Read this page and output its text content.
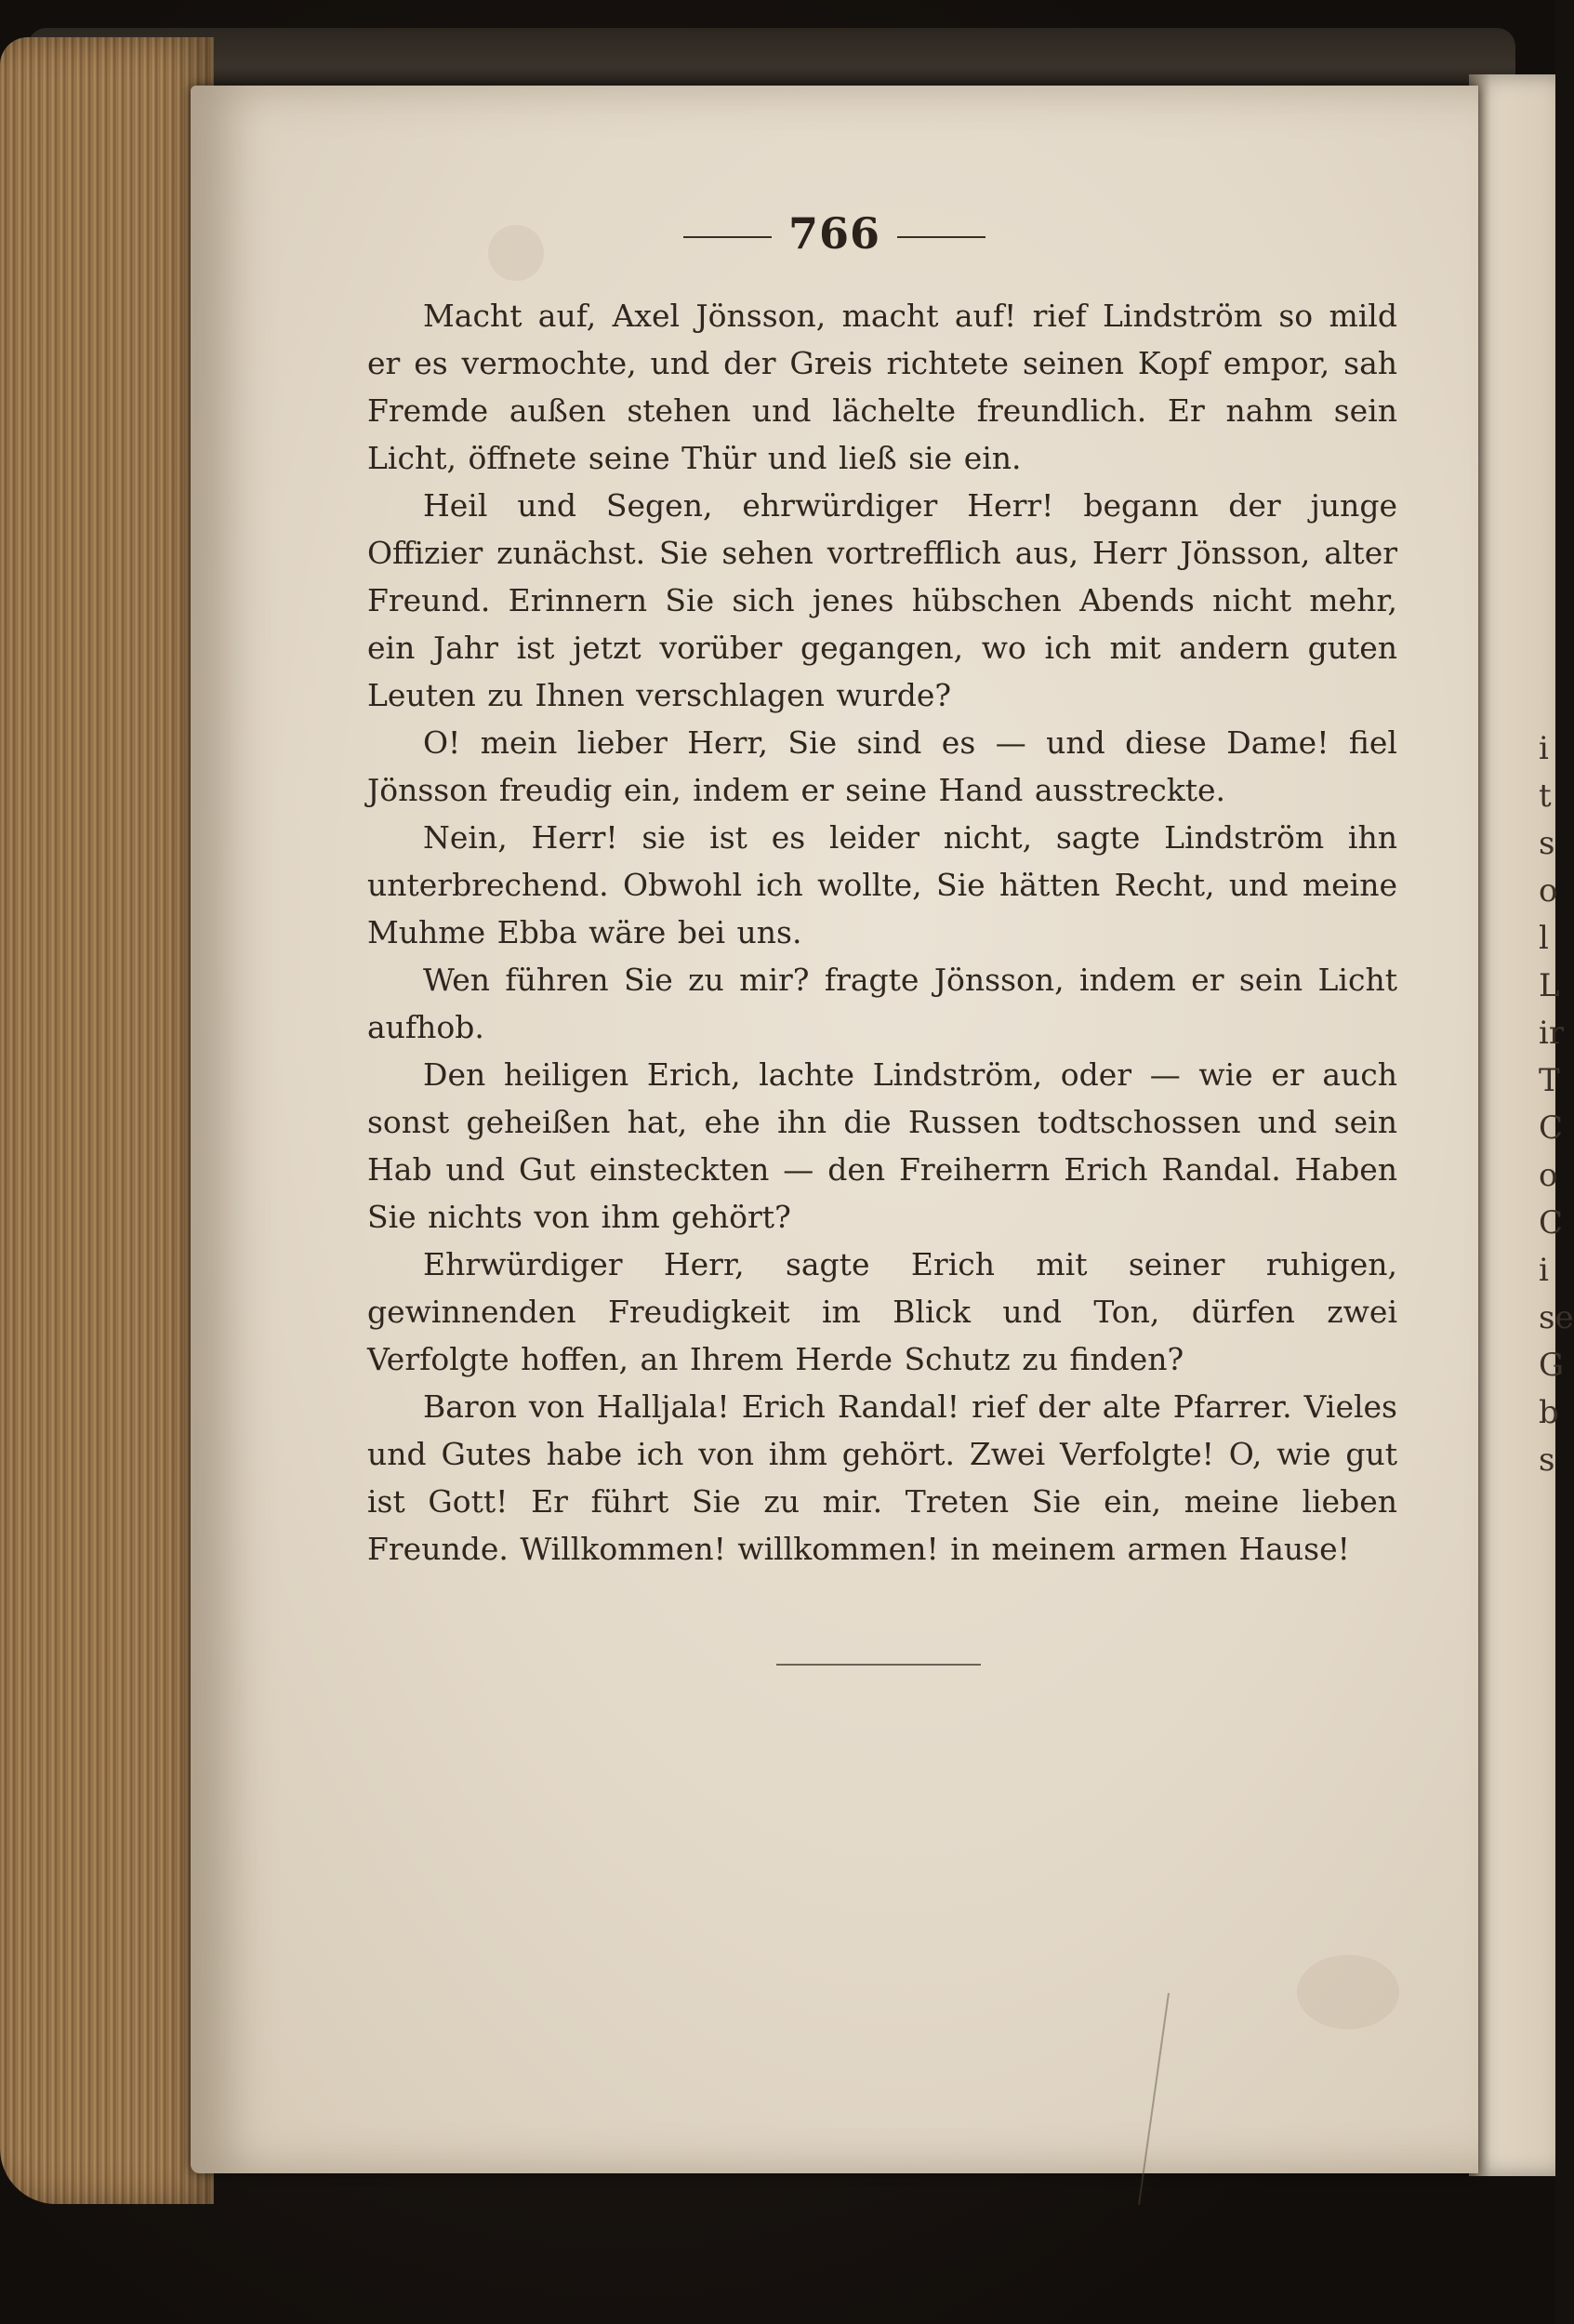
i
t
s
o
l
L
ir
T
C
o
C
i
se
G
b
s
766

Macht auf, Axel Jönsson, macht auf! rief Lindström so mild er es vermochte, und der Greis richtete seinen Kopf empor, sah Fremde außen stehen und lächelte freundlich. Er nahm sein Licht, öffnete seine Thür und ließ sie ein.

Heil und Segen, ehrwürdiger Herr! begann der junge Offizier zunächst. Sie sehen vortrefflich aus, Herr Jönsson, alter Freund. Erinnern Sie sich jenes hübschen Abends nicht mehr, ein Jahr ist jetzt vorüber gegangen, wo ich mit andern guten Leuten zu Ihnen verschlagen wurde?

O! mein lieber Herr, Sie sind es — und diese Dame! fiel Jönsson freudig ein, indem er seine Hand ausstreckte.

Nein, Herr! sie ist es leider nicht, sagte Lindström ihn unterbrechend. Obwohl ich wollte, Sie hätten Recht, und meine Muhme Ebba wäre bei uns.

Wen führen Sie zu mir? fragte Jönsson, indem er sein Licht aufhob.

Den heiligen Erich, lachte Lindström, oder — wie er auch sonst geheißen hat, ehe ihn die Russen todtschossen und sein Hab und Gut einsteckten — den Freiherrn Erich Randal. Haben Sie nichts von ihm gehört?

Ehrwürdiger Herr, sagte Erich mit seiner ruhigen, gewinnenden Freudigkeit im Blick und Ton, dürfen zwei Verfolgte hoffen, an Ihrem Herde Schutz zu finden?

Baron von Halljala! Erich Randal! rief der alte Pfarrer. Vieles und Gutes habe ich von ihm gehört. Zwei Verfolgte! O, wie gut ist Gott! Er führt Sie zu mir. Treten Sie ein, meine lieben Freunde. Willkommen! willkommen! in meinem armen Hause!
